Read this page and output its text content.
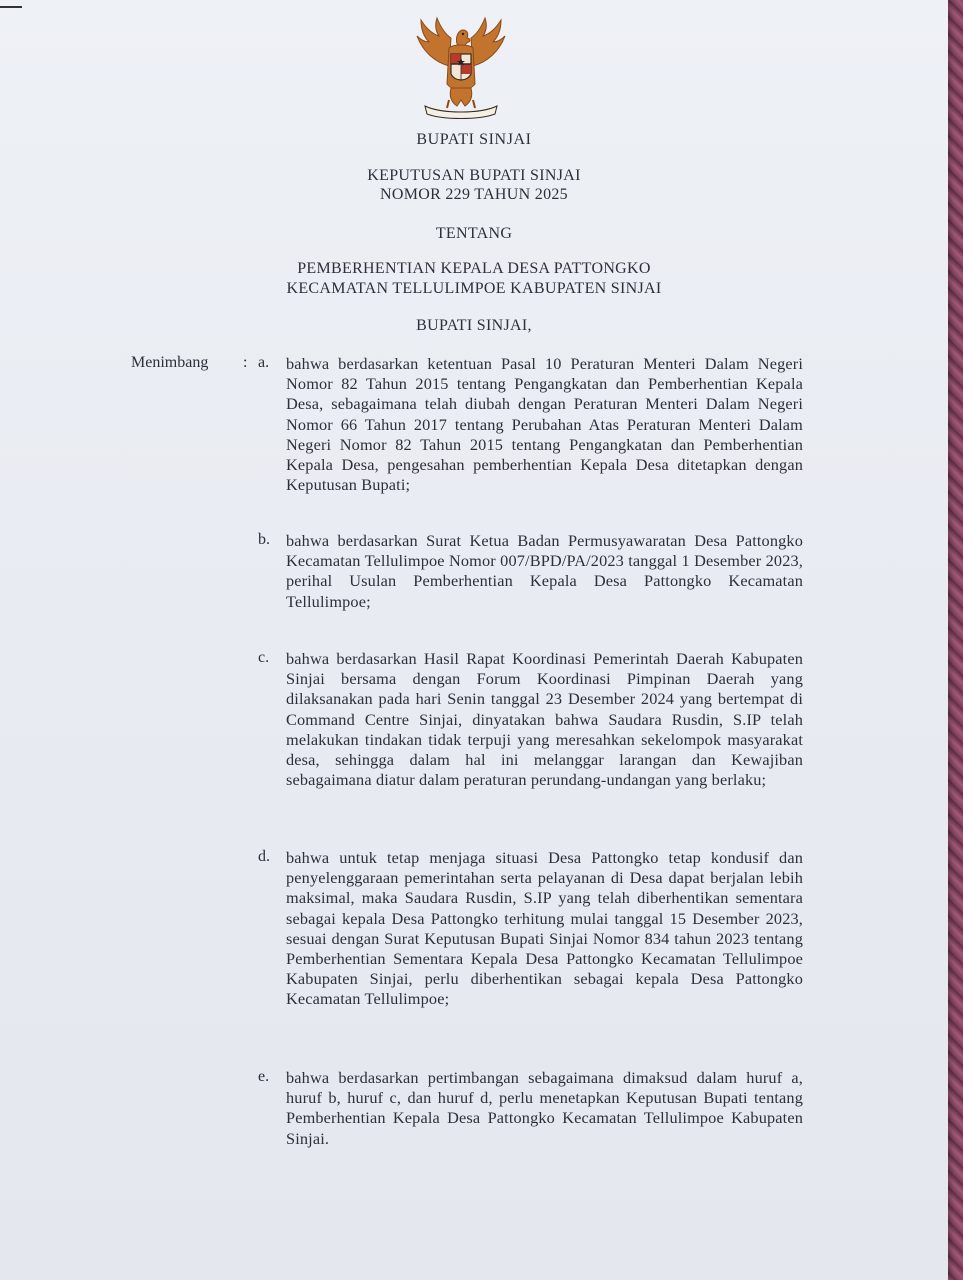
BUPATI SINJAI
KEPUTUSAN BUPATI SINJAI
NOMOR 229 TAHUN 2025
TENTANG
PEMBERHENTIAN KEPALA DESA PATTONGKO
KECAMATAN TELLULIMPOE KABUPATEN SINJAI
BUPATI SINJAI,
Menimbang : a. bahwa berdasarkan ketentuan Pasal 10 Peraturan Menteri Dalam Negeri Nomor 82 Tahun 2015 tentang Pengangkatan dan Pemberhentian Kepala Desa, sebagaimana telah diubah dengan Peraturan Menteri Dalam Negeri Nomor 66 Tahun 2017 tentang Perubahan Atas Peraturan Menteri Dalam Negeri Nomor 82 Tahun 2015 tentang Pengangkatan dan Pemberhentian Kepala Desa, pengesahan pemberhentian Kepala Desa ditetapkan dengan Keputusan Bupati;
b. bahwa berdasarkan Surat Ketua Badan Permusyawaratan Desa Pattongko Kecamatan Tellulimpoe Nomor 007/BPD/PA/2023 tanggal 1 Desember 2023, perihal Usulan Pemberhentian Kepala Desa Pattongko Kecamatan Tellulimpoe;
c. bahwa berdasarkan Hasil Rapat Koordinasi Pemerintah Daerah Kabupaten Sinjai bersama dengan Forum Koordinasi Pimpinan Daerah yang dilaksanakan pada hari Senin tanggal 23 Desember 2024 yang bertempat di Command Centre Sinjai, dinyatakan bahwa Saudara Rusdin, S.IP telah melakukan tindakan tidak terpuji yang meresahkan sekelompok masyarakat desa, sehingga dalam hal ini melanggar larangan dan Kewajiban sebagaimana diatur dalam peraturan perundang-undangan yang berlaku;
d. bahwa untuk tetap menjaga situasi Desa Pattongko tetap kondusif dan penyelenggaraan pemerintahan serta pelayanan di Desa dapat berjalan lebih maksimal, maka Saudara Rusdin, S.IP yang telah diberhentikan sementara sebagai kepala Desa Pattongko terhitung mulai tanggal 15 Desember 2023, sesuai dengan Surat Keputusan Bupati Sinjai Nomor 834 tahun 2023 tentang Pemberhentian Sementara Kepala Desa Pattongko Kecamatan Tellulimpoe Kabupaten Sinjai, perlu diberhentikan sebagai kepala Desa Pattongko Kecamatan Tellulimpoe;
e. bahwa berdasarkan pertimbangan sebagaimana dimaksud dalam huruf a, huruf b, huruf c, dan huruf d, perlu menetapkan Keputusan Bupati tentang Pemberhentian Kepala Desa Pattongko Kecamatan Tellulimpoe Kabupaten Sinjai.
